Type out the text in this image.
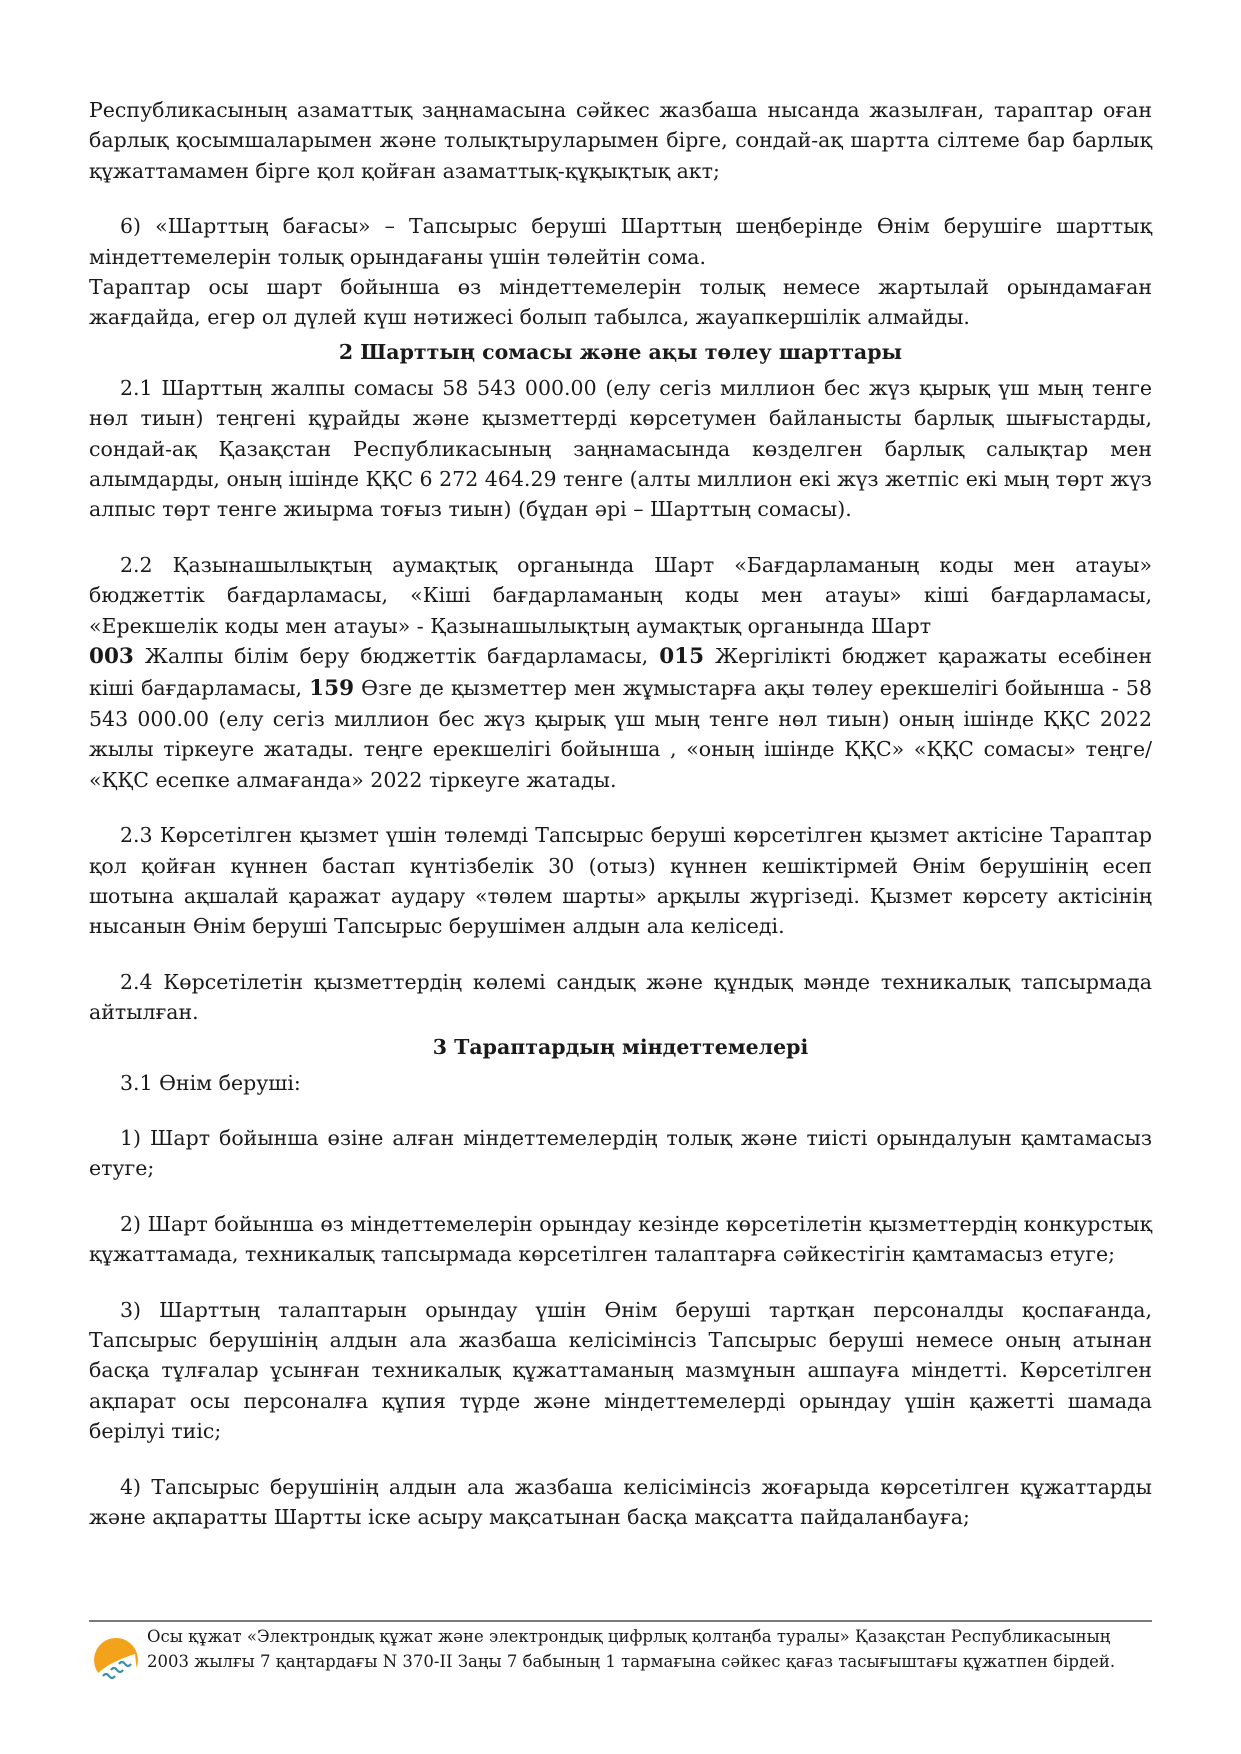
Республикасының азаматтық заңнамасына сәйкес жазбаша нысанда жазылған, тараптар оған барлық қосымшаларымен және толықтыруларымен бірге, сондай-ақ шартта сілтеме бар барлық құжаттамамен бірге қол қойған азаматтық-құқықтық акт;

6) «Шарттың бағасы» – Тапсырыс беруші Шарттың шеңберінде Өнім берушіге шарттық міндеттемелерін толық орындағаны үшін төлейтін сома.

Тараптар осы шарт бойынша өз міндеттемелерін толық немесе жартылай орындамаған жағдайда, егер ол дүлей күш нәтижесі болып табылса, жауапкершілік алмайды.

2 Шарттың сомасы және ақы төлеу шарттары

2.1 Шарттың жалпы сомасы 58 543 000.00 (елу сегіз миллион бес жүз қырық үш мың тенге нөл тиын) теңгені құрайды және қызметтерді көрсетумен байланысты барлық шығыстарды, сондай-ақ Қазақстан Республикасының заңнамасында көзделген барлық салықтар мен алымдарды, оның ішінде ҚҚС 6 272 464.29 тенге (алты миллион екі жүз жетпіс екі мың төрт жүз алпыс төрт тенге жиырма тоғыз тиын) (бұдан әрі – Шарттың сомасы).

2.2 Қазынашылықтың аумақтық органында Шарт «Бағдарламаның коды мен атауы» бюджеттік бағдарламасы, «Кіші бағдарламаның коды мен атауы» кіші бағдарламасы, «Ерекшелік коды мен атауы» - Қазынашылықтың аумақтық органында Шарт
003 Жалпы білім беру бюджеттік бағдарламасы, 015 Жергілікті бюджет қаражаты есебінен кіші бағдарламасы, 159 Өзге де қызметтер мен жұмыстарға ақы төлеу ерекшелігі бойынша - 58 543 000.00 (елу сегіз миллион бес жүз қырық үш мың тенге нөл тиын) оның ішінде ҚҚС 2022 жылы тіркеуге жатады. теңге ерекшелігі бойынша , «оның ішінде ҚҚС» «ҚҚС сомасы» теңге/ «ҚҚС есепке алмағанда» 2022 тіркеуге жатады.

2.3 Көрсетілген қызмет үшін төлемді Тапсырыс беруші көрсетілген қызмет актісіне Тараптар қол қойған күннен бастап күнтізбелік 30 (отыз) күннен кешіктірмей Өнім берушінің есеп шотына ақшалай қаражат аудару «төлем шарты» арқылы жүргізеді. Қызмет көрсету актісінің нысанын Өнім беруші Тапсырыс берушімен алдын ала келіседі.

2.4 Көрсетілетін қызметтердің көлемі сандық және құндық мәнде техникалық тапсырмада айтылған.

3 Тараптардың міндеттемелері

3.1 Өнім беруші:

1) Шарт бойынша өзіне алған міндеттемелердің толық және тиісті орындалуын қамтамасыз етуге;

2) Шарт бойынша өз міндеттемелерін орындау кезінде көрсетілетін қызметтердің конкурстық құжаттамада, техникалық тапсырмада көрсетілген талаптарға сәйкестігін қамтамасыз етуге;

3) Шарттың талаптарын орындау үшін Өнім беруші тартқан персоналды қоспағанда, Тапсырыс берушінің алдын ала жазбаша келісімінсіз Тапсырыс беруші немесе оның атынан басқа тұлғалар ұсынған техникалық құжаттаманың мазмұнын ашпауға міндетті. Көрсетілген ақпарат осы персоналға құпия түрде және міндеттемелерді орындау үшін қажетті шамада берілуі тиіс;

4) Тапсырыс берушінің алдын ала жазбаша келісімінсіз жоғарыда көрсетілген құжаттарды және ақпаратты Шартты іске асыру мақсатынан басқа мақсатта пайдаланбауға;

Осы құжат «Электрондық құжат және электрондық цифрлық қолтаңба туралы» Қазақстан Республикасының 2003 жылғы 7 қаңтардағы N 370-II Заңы 7 бабының 1 тармағына сәйкес қағаз тасығыштағы құжатпен бірдей.
